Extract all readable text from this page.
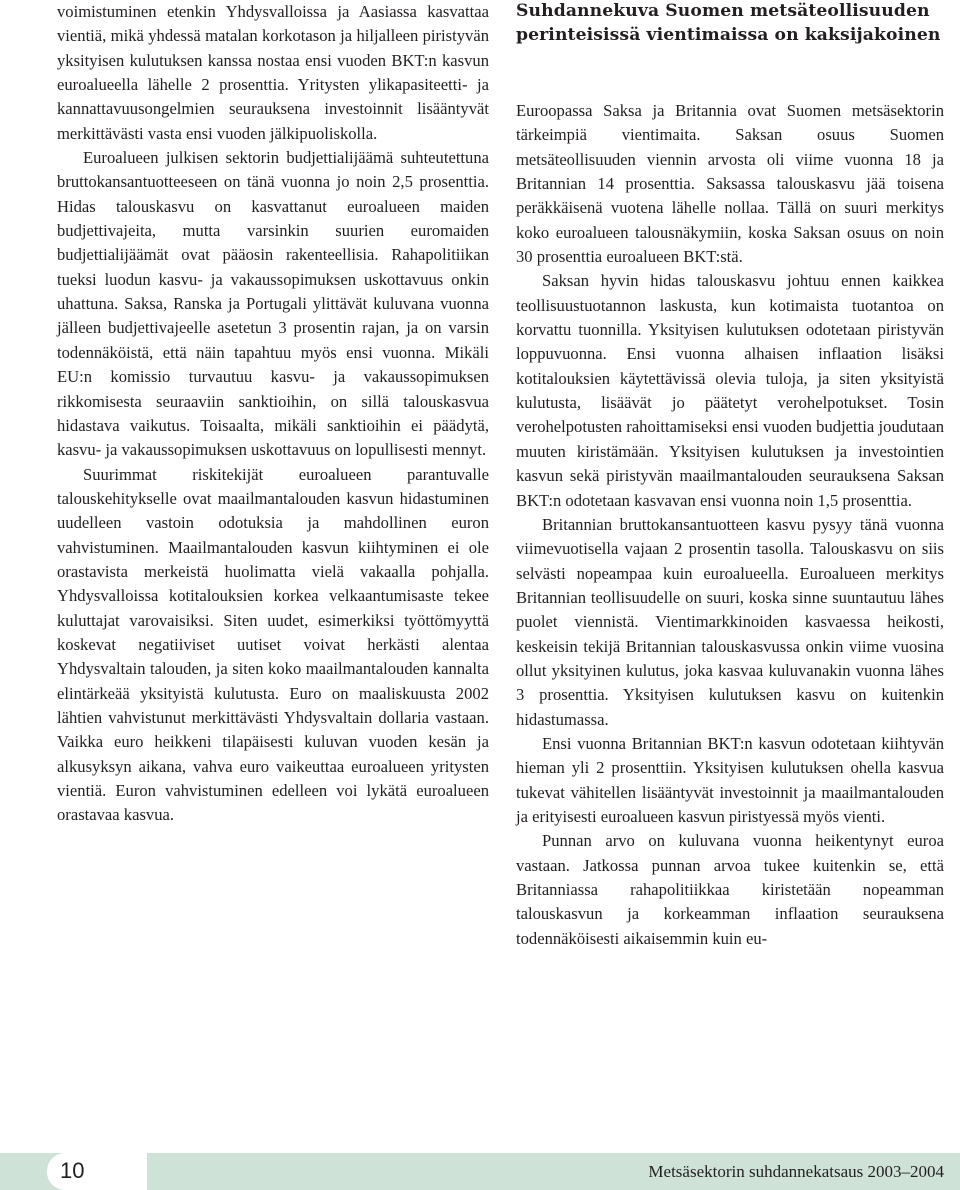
voimistuminen etenkin Yhdysvalloissa ja Aasiassa kasvattaa vientiä, mikä yhdessä matalan korkotason ja hiljalleen piristyvän yksityisen kulutuksen kanssa nostaa ensi vuoden BKT:n kasvun euroalueella lähelle 2 prosenttia. Yritysten ylikapasiteetti- ja kannattavuusongelmien seurauksena investoinnit lisääntyvät merkittävästi vasta ensi vuoden jälkipuoliskolla.

Euroalueen julkisen sektorin budjettialijäämä suhteutettuna bruttokansantuotteeseen on tänä vuonna jo noin 2,5 prosenttia. Hidas talouskasvu on kasvattanut euroalueen maiden budjettivajeita, mutta varsinkin suurien euromaiden budjettialijäämät ovat pääosin rakenteellisia. Rahapolitiikan tueksi luodun kasvu- ja vakaussopimuksen uskottavuus onkin uhattuna. Saksa, Ranska ja Portugali ylittävät kuluvana vuonna jälleen budjettivajeelle asetetun 3 prosentin rajan, ja on varsin todennäköistä, että näin tapahtuu myös ensi vuonna. Mikäli EU:n komissio turvautuu kasvu- ja vakaussopimuksen rikkomisesta seuraaviin sanktioihin, on sillä talouskasvua hidastava vaikutus. Toisaalta, mikäli sanktioihin ei päädytä, kasvu- ja vakaussopimuksen uskottavuus on lopullisesti mennyt.

Suurimmat riskitekijät euroalueen parantuvalle talouskehitykselle ovat maailmantalouden kasvun hidastuminen uudelleen vastoin odotuksia ja mahdollinen euron vahvistuminen. Maailmantalouden kasvun kiihtyminen ei ole orastavista merkeistä huolimatta vielä vakaalla pohjalla. Yhdysvalloissa kotitalouksien korkea velkaantumisaste tekee kuluttajat varovaisiksi. Siten uudet, esimerkiksi työttömyyttä koskevat negatiiviset uutiset voivat herkästi alentaa Yhdysvaltain talouden, ja siten koko maailmantalouden kannalta elintärkeää yksityistä kulutusta. Euro on maaliskuusta 2002 lähtien vahvistunut merkittävästi Yhdysvaltain dollaria vastaan. Vaikka euro heikkeni tilapäisesti kuluvan vuoden kesän ja alkusyksyn aikana, vahva euro vaikeuttaa euroalueen yritysten vientiä. Euron vahvistuminen edelleen voi lykätä euroalueen orastavaa kasvua.

Suhdannekuva Suomen metsäteollisuuden perinteisissä vientimaissa on kaksijakoinen

Euroopassa Saksa ja Britannia ovat Suomen metsäsektorin tärkeimpiä vientimaita. Saksan osuus Suomen metsäteollisuuden viennin arvosta oli viime vuonna 18 ja Britannian 14 prosenttia. Saksassa talouskasvu jää toisena peräkkäisenä vuotena lähelle nollaa. Tällä on suuri merkitys koko euroalueen talousnäkymiin, koska Saksan osuus on noin 30 prosenttia euroalueen BKT:stä.

Saksan hyvin hidas talouskasvu johtuu ennen kaikkea teollisuustuotannon laskusta, kun kotimaista tuotantoa on korvattu tuonnilla. Yksityisen kulutuksen odotetaan piristyvän loppuvuonna. Ensi vuonna alhaisen inflaation lisäksi kotitalouksien käytettävissä olevia tuloja, ja siten yksityistä kulutusta, lisäävät jo päätetyt verohelpotukset. Tosin verohelpotusten rahoittamiseksi ensi vuoden budjettia joudutaan muuten kiristämään. Yksityisen kulutuksen ja investointien kasvun sekä piristyvän maailmantalouden seurauksena Saksan BKT:n odotetaan kasvavan ensi vuonna noin 1,5 prosenttia.

Britannian bruttokansantuotteen kasvu pysyy tänä vuonna viimevuotisella vajaan 2 prosentin tasolla. Talouskasvu on siis selvästi nopeampaa kuin euroalueella. Euroalueen merkitys Britannian teollisuudelle on suuri, koska sinne suuntautuu lähes puolet viennistä. Vientimarkkinoiden kasvaessa heikosti, keskeisin tekijä Britannian talouskasvussa onkin viime vuosina ollut yksityinen kulutus, joka kasvaa kuluvanakin vuonna lähes 3 prosenttia. Yksityisen kulutuksen kasvu on kuitenkin hidastumassa.

Ensi vuonna Britannian BKT:n kasvun odotetaan kiihtyvän hieman yli 2 prosenttiin. Yksityisen kulutuksen ohella kasvua tukevat vähitellen lisääntyvät investoinnit ja maailmantalouden ja erityisesti euroalueen kasvun piristyessä myös vienti.

Punnan arvo on kuluvana vuonna heikentynyt euroa vastaan. Jatkossa punnan arvoa tukee kuitenkin se, että Britanniassa rahapolitiikkaa kiristetään nopeamman talouskasvun ja korkeamman inflaation seurauksena todennäköisesti aikaisemmin kuin eu-

10	Metsäsektorin suhdannekatsaus 2003–2004
